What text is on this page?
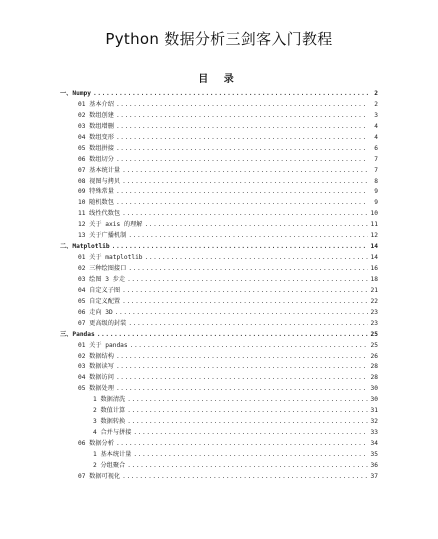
Python 数据分析三剑客入门教程
目 录
一、Numpy .....	2
01 基本介绍 .....	2
02 数组创建 .....	3
03 数组增删 .....	4
04 数组变形 .....	4
05 数组拼接 .....	6
06 数组切分 .....	7
07 基本统计量 .....	7
08 视图与拷贝 .....	8
09 特殊常量 .....	9
10 随机数包 .....	9
11 线性代数包 .....	10
12 关于 axis 的理解 .....	11
13 关于广播机制 .....	12
二、Matplotlib .....	14
01 关于 matplotlib .....	14
02 三种绘图接口 .....	16
03 绘图 3 步走 .....	18
04 自定义子图 .....	21
05 自定义配置 .....	22
06 走向 3D .....	23
07 更高级的封装 .....	23
三、Pandas .....	25
01 关于 pandas .....	25
02 数据结构 .....	26
03 数据读写 .....	28
04 数据访问 .....	28
05 数据处理 .....	30
1 数据清洗 .....	30
2 数值计算 .....	31
3 数据转换 .....	32
4 合并与拼接 .....	33
06 数据分析 .....	34
1 基本统计量 .....	35
2 分组聚合 .....	36
07 数据可视化 .....	37
